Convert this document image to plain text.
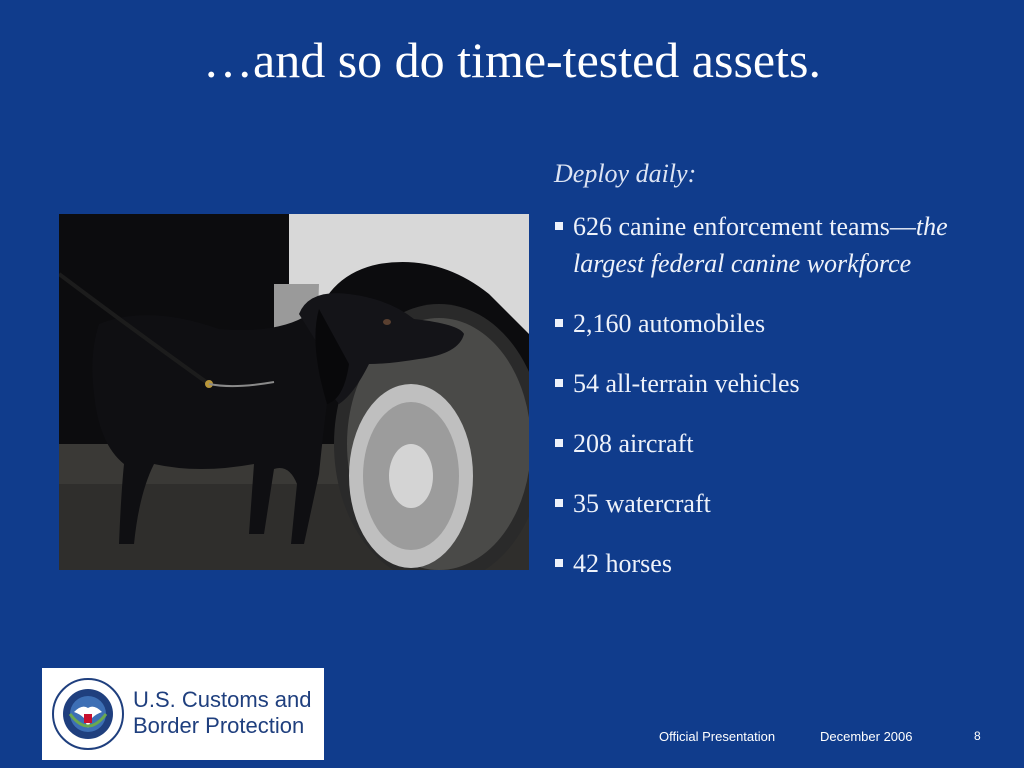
…and so do time-tested assets.

Deploy daily:

626 canine enforcement teams—the largest federal canine workforce
2,160 automobiles
54 all-terrain vehicles
208 aircraft
35 watercraft
42 horses
U.S. Customs and
Border Protection	Official Presentation	December 2006	8
